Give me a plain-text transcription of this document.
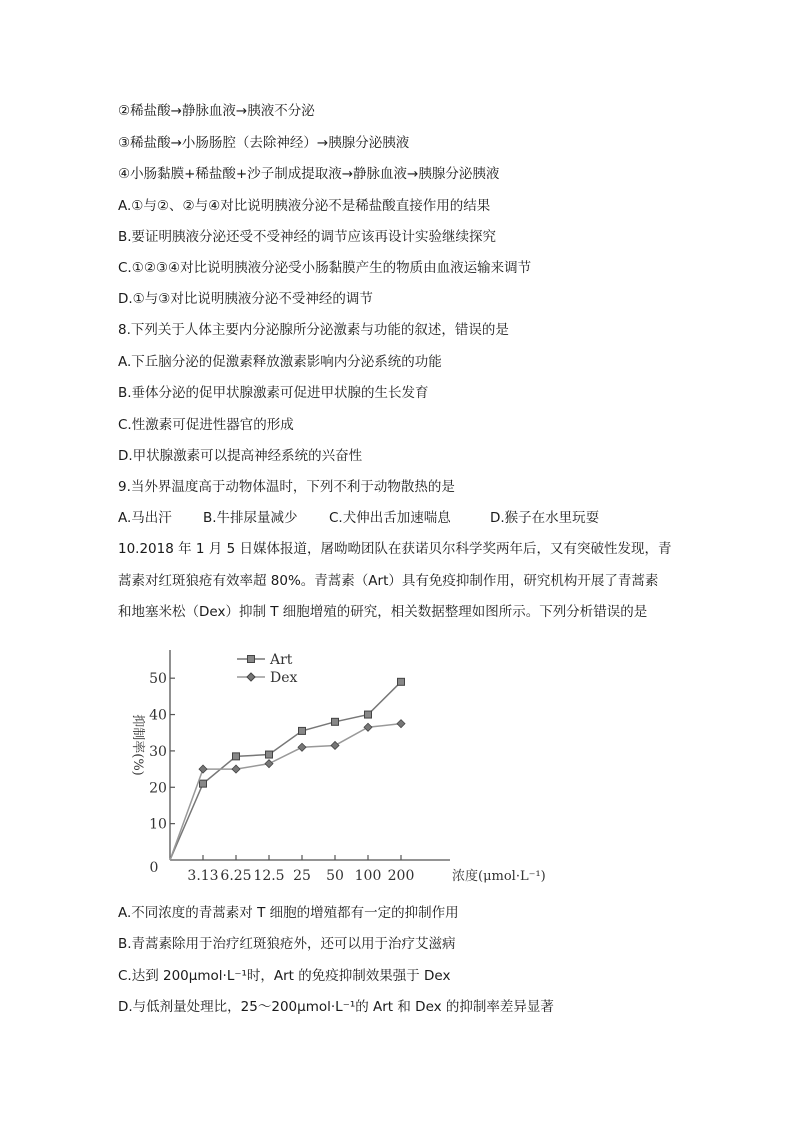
②稀盐酸→静脉血液→胰液不分泌
③稀盐酸→小肠肠腔（去除神经）→胰腺分泌胰液
④小肠黏膜+稀盐酸+沙子制成提取液→静脉血液→胰腺分泌胰液
A.①与②、②与④对比说明胰液分泌不是稀盐酸直接作用的结果
B.要证明胰液分泌还受不受神经的调节应该再设计实验继续探究
C.①②③④对比说明胰液分泌受小肠黏膜产生的物质由血液运输来调节
D.①与③对比说明胰液分泌不受神经的调节
8.下列关于人体主要内分泌腺所分泌激素与功能的叙述，错误的是
A.下丘脑分泌的促激素释放激素影响内分泌系统的功能
B.垂体分泌的促甲状腺激素可促进甲状腺的生长发育
C.性激素可促进性器官的形成
D.甲状腺激素可以提高神经系统的兴奋性
9.当外界温度高于动物体温时，下列不利于动物散热的是
A.马出汗 B.牛排尿量减少 C.犬伸出舌加速喘息	D.猴子在水里玩耍
10.2018 年 1 月 5 日媒体报道，屠呦呦团队在获诺贝尔科学奖两年后，又有突破性发现，青
蒿素对红斑狼疮有效率超 80%。青蒿素（Art）具有免疫抑制作用，研究机构开展了青蒿素
和地塞米松（Dex）抑制 T 细胞增殖的研究，相关数据整理如图所示。下列分析错误的是
10
20
30
40
50
0
抑制率(%)
3.13 6.25 12.5 25 50 100 200	浓度(μmol·L⁻¹)
Art
Dex
A.不同浓度的青蒿素对 T 细胞的增殖都有一定的抑制作用
B.青蒿素除用于治疗红斑狼疮外，还可以用于治疗艾滋病
C.达到 200μmol·L⁻¹时，Art 的免疫抑制效果强于 Dex
D.与低剂量处理比，25～200μmol·L⁻¹的 Art 和 Dex 的抑制率差异显著
